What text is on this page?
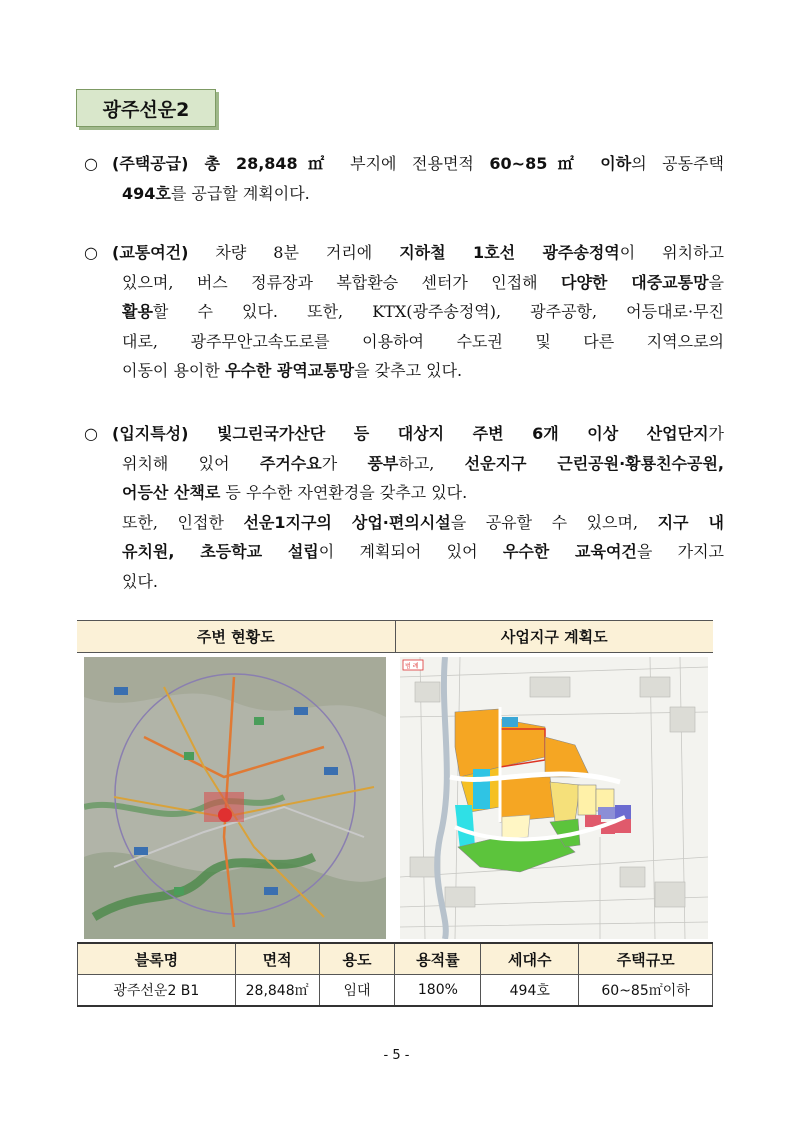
광주선운2
○ (주택공급) 총 28,848㎡ 부지에 전용면적 60~85㎡ 이하의 공동주택
494호를 공급할 계획이다.
○ (교통여건) 차량 8분 거리에 지하철 1호선 광주송정역이 위치하고
있으며, 버스 정류장과 복합환승 센터가 인접해 다양한 대중교통망을
활용할 수 있다. 또한, KTX(광주송정역), 광주공항, 어등대로·무진
대로, 광주무안고속도로를 이용하여 수도권 및 다른 지역으로의
이동이 용이한 우수한 광역교통망을 갖추고 있다.
○ (입지특성) 빛그린국가산단 등 대상지 주변 6개 이상 산업단지가
위치해 있어 주거수요가 풍부하고, 선운지구 근린공원·황룡친수공원,
어등산 산책로 등 우수한 자연환경을 갖추고 있다.
또한, 인접한 선운1지구의 상업·편의시설을 공유할 수 있으며, 지구 내
유치원, 초등학교 설립이 계획되어 있어 우수한 교육여건을 가지고
있다.
주변 현황도	사업지구 계획도
범 례
블록명	면적	용도	용적률	세대수	주택규모
광주선운2 B1	28,848㎡	임대	180%	494호	60~85㎡이하
- 5 -
